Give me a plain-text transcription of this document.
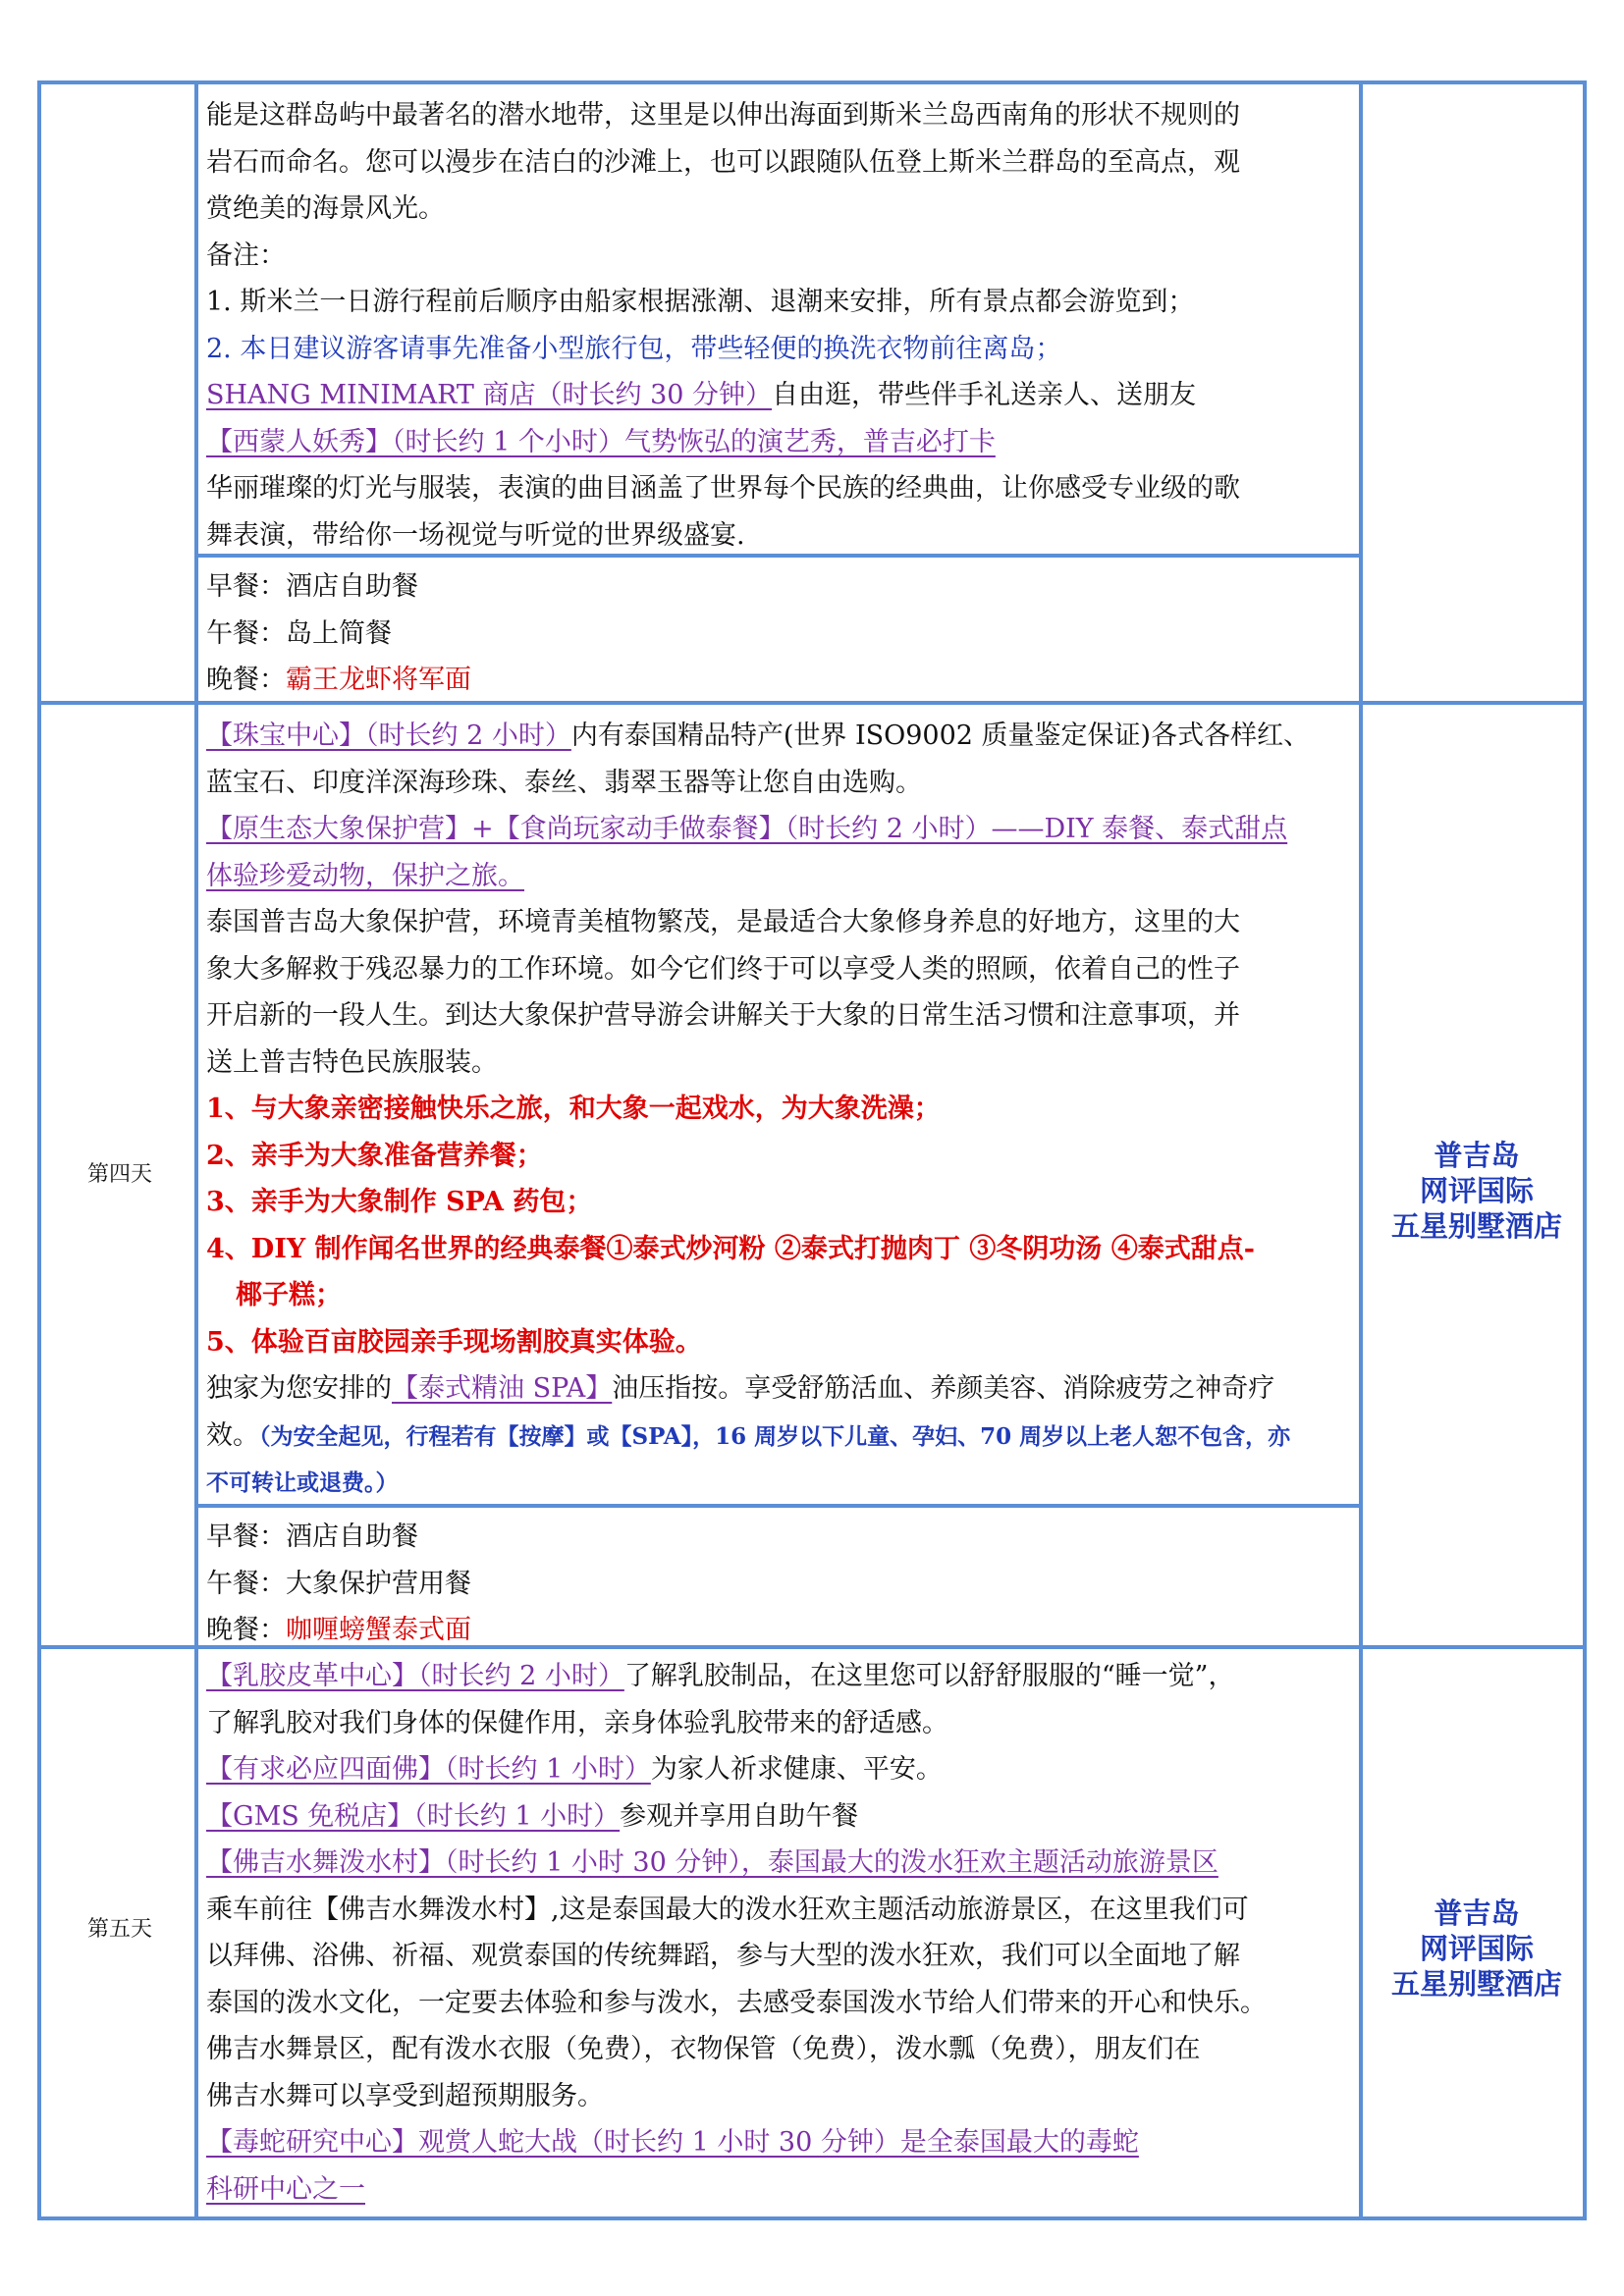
能是这群岛屿中最著名的潜水地带，这里是以伸出海面到斯米兰岛西南角的形状不规则的

岩石而命名。您可以漫步在洁白的沙滩上，也可以跟随队伍登上斯米兰群岛的至高点，观

赏绝美的海景风光。

备注：

1. 斯米兰一日游行程前后顺序由船家根据涨潮、退潮来安排，所有景点都会游览到；

2. 本日建议游客请事先准备小型旅行包，带些轻便的换洗衣物前往离岛；

SHANG MINIMART 商店（时长约 30 分钟）自由逛，带些伴手礼送亲人、送朋友

【西蒙人妖秀】（时长约 1 个小时）气势恢弘的演艺秀，普吉必打卡

华丽璀璨的灯光与服装，表演的曲目涵盖了世界每个民族的经典曲，让你感受专业级的歌

舞表演，带给你一场视觉与听觉的世界级盛宴.

早餐：酒店自助餐

午餐：岛上简餐

晚餐：霸王龙虾将军面

第四天

【珠宝中心】（时长约 2 小时）内有泰国精品特产(世界 ISO9002 质量鉴定保证)各式各样红、

蓝宝石、印度洋深海珍珠、泰丝、翡翠玉器等让您自由选购。

【原生态大象保护营】+【食尚玩家动手做泰餐】（时长约 2 小时）——DIY 泰餐、泰式甜点

体验珍爱动物，保护之旅。

泰国普吉岛大象保护营，环境青美植物繁茂，是最适合大象修身养息的好地方，这里的大

象大多解救于残忍暴力的工作环境。如今它们终于可以享受人类的照顾，依着自己的性子

开启新的一段人生。到达大象保护营导游会讲解关于大象的日常生活习惯和注意事项，并

送上普吉特色民族服装。

1、与大象亲密接触快乐之旅，和大象一起戏水，为大象洗澡；

2、亲手为大象准备营养餐；

3、亲手为大象制作 SPA 药包；

4、DIY 制作闻名世界的经典泰餐①泰式炒河粉 ②泰式打抛肉丁 ③冬阴功汤 ④泰式甜点-

椰子糕；

5、体验百亩胶园亲手现场割胶真实体验。

独家为您安排的【泰式精油 SPA】油压指按。享受舒筋活血、养颜美容、消除疲劳之神奇疗

效。（为安全起见，行程若有【按摩】或【SPA】，16 周岁以下儿童、孕妇、70 周岁以上老人恕不包含，亦

不可转让或退费。）

早餐：酒店自助餐

午餐：大象保护营用餐

晚餐：咖喱螃蟹泰式面

普吉岛
网评国际
五星别墅酒店
第五天

【乳胶皮革中心】（时长约 2 小时）了解乳胶制品，在这里您可以舒舒服服的“睡一觉”，

了解乳胶对我们身体的保健作用，亲身体验乳胶带来的舒适感。

【有求必应四面佛】（时长约 1 小时）为家人祈求健康、平安。

【GMS 免税店】（时长约 1 小时）参观并享用自助午餐

【佛吉水舞泼水村】（时长约 1 小时 30 分钟），泰国最大的泼水狂欢主题活动旅游景区

乘车前往【佛吉水舞泼水村】,这是泰国最大的泼水狂欢主题活动旅游景区，在这里我们可

以拜佛、浴佛、祈福、观赏泰国的传统舞蹈，参与大型的泼水狂欢，我们可以全面地了解

泰国的泼水文化，一定要去体验和参与泼水，去感受泰国泼水节给人们带来的开心和快乐。

佛吉水舞景区，配有泼水衣服（免费），衣物保管（免费），泼水瓢（免费），朋友们在

佛吉水舞可以享受到超预期服务。

【毒蛇研究中心】观赏人蛇大战（时长约 1 小时 30 分钟）是全泰国最大的毒蛇

科研中心之一

普吉岛
网评国际
五星别墅酒店
